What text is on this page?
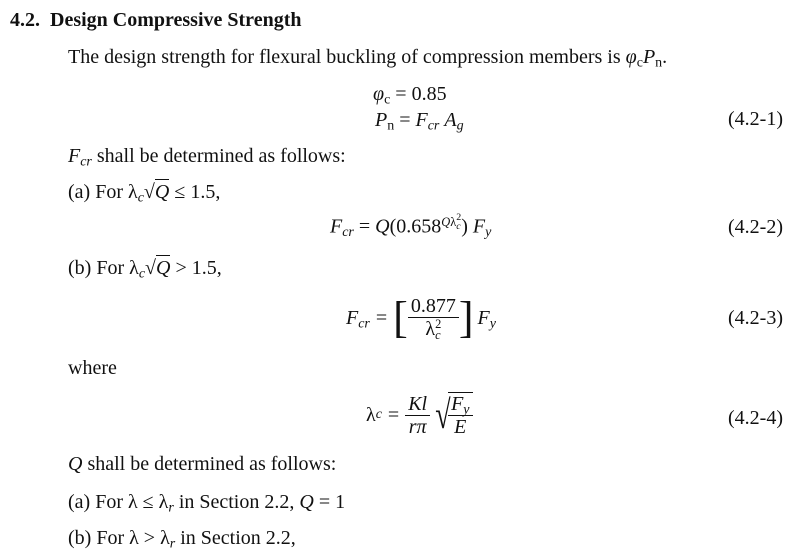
4.2. Design Compressive Strength
The design strength for flexural buckling of compression members is $\varphi_cP_n$.
$\varphi_c = 0.85$
$P_n = F_{cr}$ $A_g$	(4.2-1)
$F_{cr}$ shall be determined as follows:
(a) For $\lambda_c√Q \le 1.5$,
$F_{cr} = Q(0.658^{Q\lambda 2 c}$ ) $F_y$	(4.2-2)
(b) For $\lambda_c√Q > 1.5$,
$F_{cr}$ = [ 0.877
λ 2
c ] $F_y$	(4.2-3)
where
λ $c = \frac{Kl}{r\pi}$ √
$\frac{F_y}{E}$	(4.2-4)
Q shall be determined as follows:
(a) For $\lambda \le \lambda_r$ in Section 2.2, Q = 1
(b) For $\lambda > \lambda_r$ in Section 2.2,
